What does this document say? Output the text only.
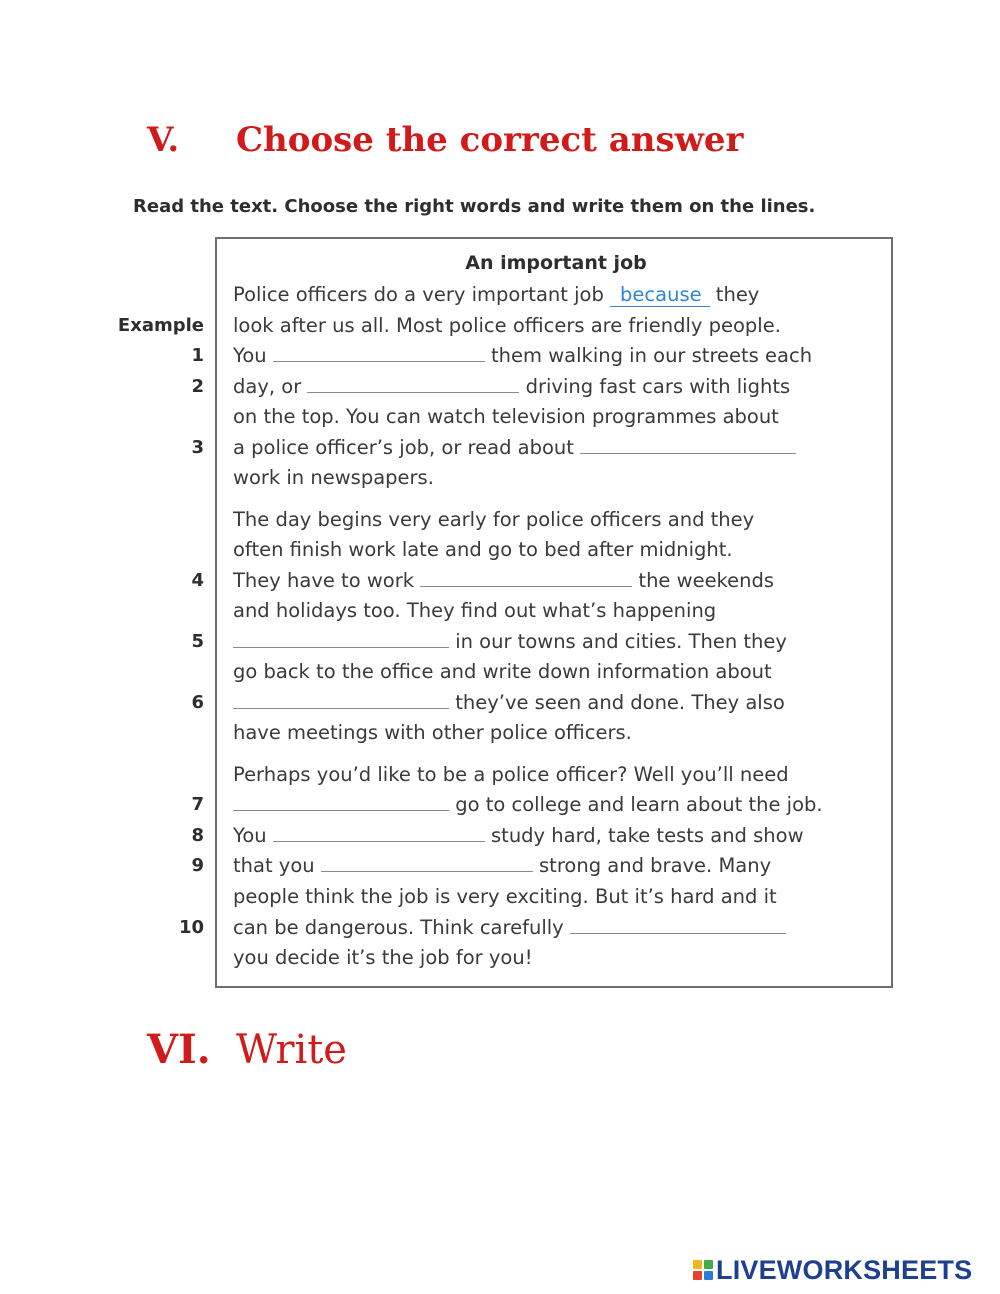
V. Choose the correct answer
Read the text. Choose the right words and write them on the lines.
An important job
Police officers do a very important job because they
Example look after us all. Most police officers are friendly people.
1 You	them walking in our streets each
2 day, or	driving fast cars with lights
on the top. You can watch television programmes about
3 a police officer’s job, or read about
work in newspapers.
The day begins very early for police officers and they
often finish work late and go to bed after midnight.
4 They have to work	the weekends
and holidays too. They find out what’s happening
5	in our towns and cities. Then they
go back to the office and write down information about
6	they’ve seen and done. They also
have meetings with other police officers.
Perhaps you’d like to be a police officer? Well you’ll need
7	go to college and learn about the job.
8 You	study hard, take tests and show
9 that you	strong and brave. Many
people think the job is very exciting. But it’s hard and it
10 can be dangerous. Think carefully
you decide it’s the job for you!
VI. Write
LIVEWORKSHEETS
